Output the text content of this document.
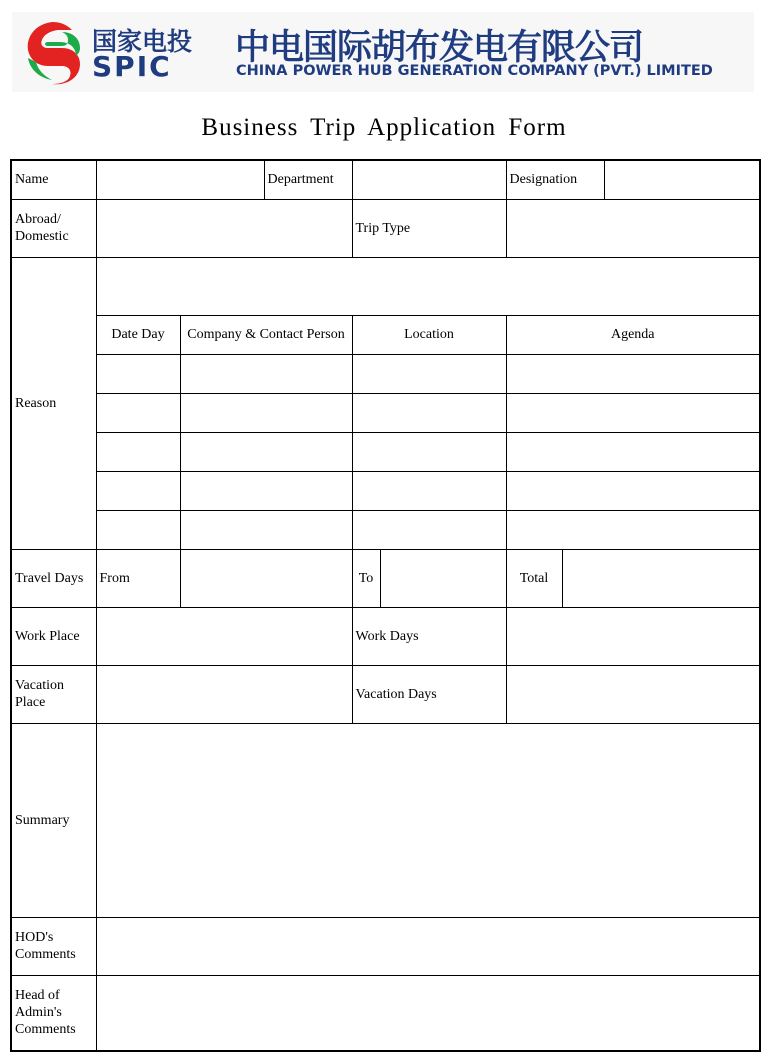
国家电投
SPIC 中电国际胡布发电有限公司
CHINA POWER HUB GENERATION COMPANY (PVT.) LIMITED
Business Trip Application Form
Name			Department			Designation		
Abroad/ Domestic				Trip Type				
Reason								
	Date Day	Company & Contact Person		Location		Agenda		

Travel Days	From			To		Total		
Work Place				Work Days				
Vacation Place				Vacation Days				
Summary								
HOD's Comments								
Head of Admin's Comments								
